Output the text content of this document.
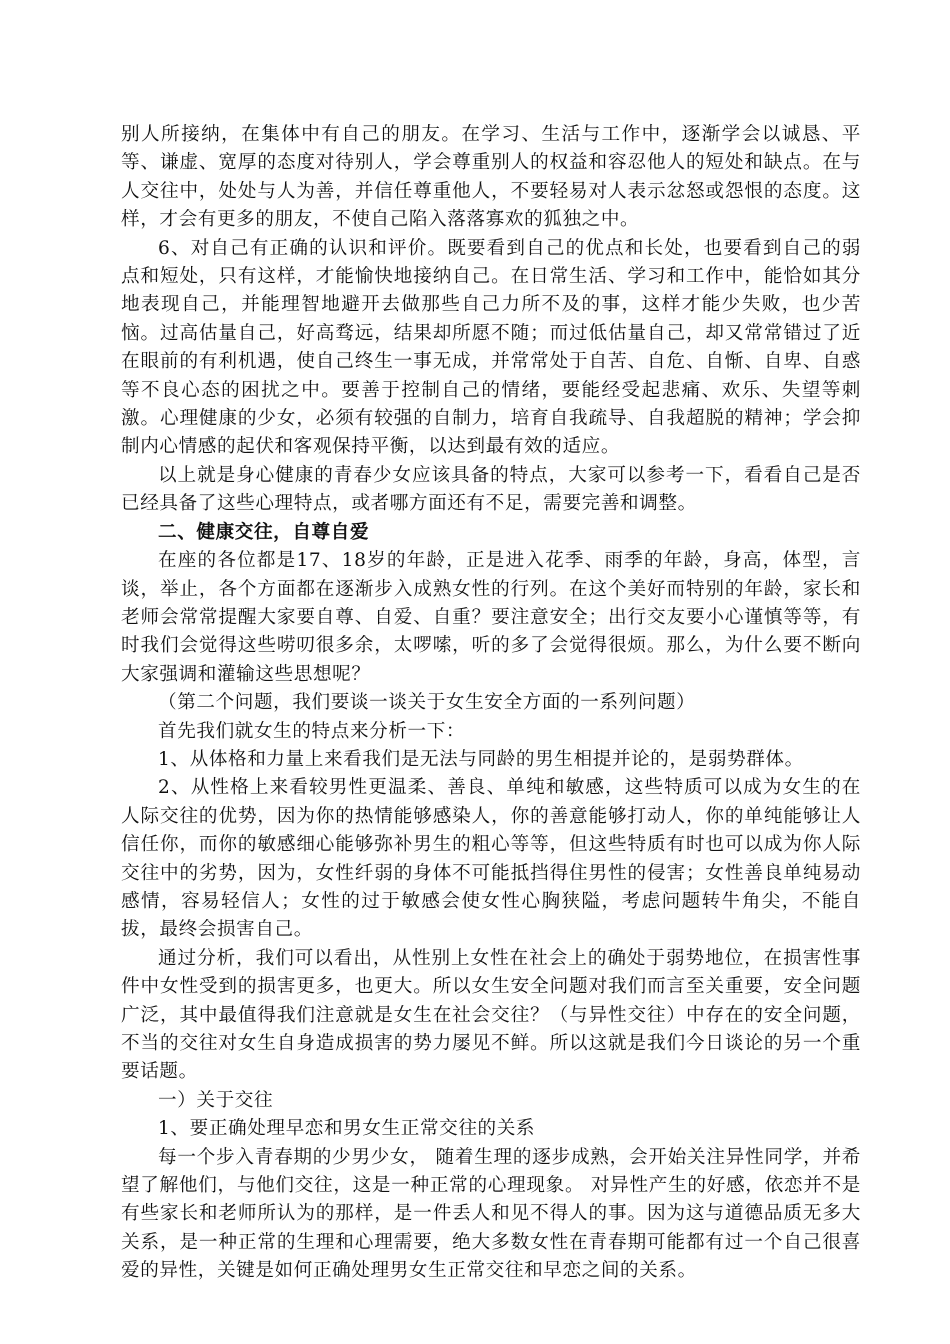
别人所接纳，在集体中有自己的朋友。在学习、生活与工作中，逐渐学会以诚恳、平等、谦虚、宽厚的态度对待别人，学会尊重别人的权益和容忍他人的短处和缺点。在与人交往中，处处与人为善，并信任尊重他人，不要轻易对人表示忿怒或怨恨的态度。这样，才会有更多的朋友，不使自己陷入落落寡欢的狐独之中。

6、对自己有正确的认识和评价。既要看到自己的优点和长处，也要看到自己的弱点和短处，只有这样，才能愉快地接纳自己。在日常生活、学习和工作中，能恰如其分地表现自己，并能理智地避开去做那些自己力所不及的事，这样才能少失败，也少苦恼。过高估量自己，好高骛远，结果却所愿不随；而过低估量自己，却又常常错过了近在眼前的有利机遇，使自己终生一事无成，并常常处于自苦、自危、自惭、自卑、自惑等不良心态的困扰之中。要善于控制自己的情绪，要能经受起悲痛、欢乐、失望等刺激。心理健康的少女，必须有较强的自制力，培育自我疏导、自我超脱的精神；学会抑制内心情感的起伏和客观保持平衡，以达到最有效的适应。

以上就是身心健康的青春少女应该具备的特点，大家可以参考一下，看看自己是否已经具备了这些心理特点，或者哪方面还有不足，需要完善和调整。

二、健康交往，自尊自爱

在座的各位都是17、18岁的年龄，正是进入花季、雨季的年龄，身高，体型，言谈，举止，各个方面都在逐渐步入成熟女性的行列。在这个美好而特别的年龄，家长和老师会常常提醒大家要自尊、自爱、自重？要注意安全；出行交友要小心谨慎等等，有时我们会觉得这些唠叨很多余，太啰嗦，听的多了会觉得很烦。那么，为什么要不断向大家强调和灌输这些思想呢？

（第二个问题，我们要谈一谈关于女生安全方面的一系列问题）

首先我们就女生的特点来分析一下：

1、从体格和力量上来看我们是无法与同龄的男生相提并论的，是弱势群体。

2、从性格上来看较男性更温柔、善良、单纯和敏感，这些特质可以成为女生的在人际交往的优势，因为你的热情能够感染人，你的善意能够打动人，你的单纯能够让人信任你，而你的敏感细心能够弥补男生的粗心等等，但这些特质有时也可以成为你人际交往中的劣势，因为，女性纤弱的身体不可能抵挡得住男性的侵害；女性善良单纯易动感情，容易轻信人；女性的过于敏感会使女性心胸狭隘，考虑问题转牛角尖，不能自拔，最终会损害自己。

通过分析，我们可以看出，从性别上女性在社会上的确处于弱势地位，在损害性事件中女性受到的损害更多，也更大。所以女生安全问题对我们而言至关重要，安全问题广泛，其中最值得我们注意就是女生在社会交往？（与异性交往）中存在的安全问题，不当的交往对女生自身造成损害的势力屡见不鲜。所以这就是我们今日谈论的另一个重要话题。

一）关于交往

1、要正确处理早恋和男女生正常交往的关系

每一个步入青春期的少男少女， 随着生理的逐步成熟，会开始关注异性同学，并希望了解他们，与他们交往，这是一种正常的心理现象。 对异性产生的好感，依恋并不是有些家长和老师所认为的那样，是一件丢人和见不得人的事。因为这与道德品质无多大关系，是一种正常的生理和心理需要，绝大多数女性在青春期可能都有过一个自己很喜爱的异性，关键是如何正确处理男女生正常交往和早恋之间的关系。
